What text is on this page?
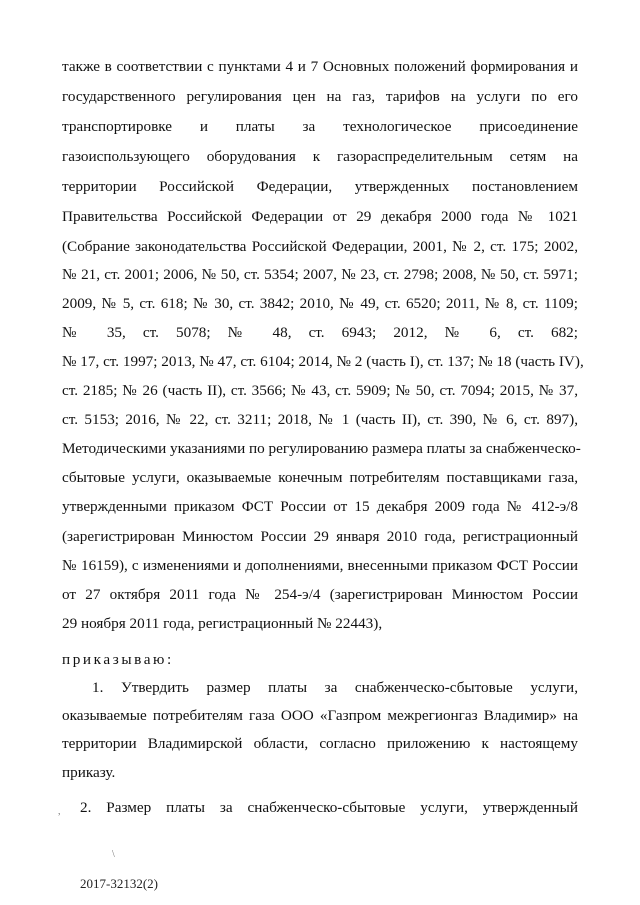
также в соответствии с пунктами 4 и 7 Основных положений формирования и
государственного регулирования цен на газ, тарифов на услуги по его
транспортировке и платы за технологическое присоединение
газоиспользующего оборудования к газораспределительным сетям на
территории Российской Федерации, утвержденных постановлением
Правительства Российской Федерации от 29 декабря 2000 года № 1021
(Собрание законодательства Российской Федерации, 2001, № 2, ст. 175; 2002,
№ 21, ст. 2001; 2006, № 50, ст. 5354; 2007, № 23, ст. 2798; 2008, № 50, ст. 5971;
2009, № 5, ст. 618; № 30, ст. 3842; 2010, № 49, ст. 6520; 2011, № 8, ст. 1109;
№ 35, ст. 5078; № 48, ст. 6943; 2012, № 6, ст. 682;
№ 17, ст. 1997; 2013, № 47, ст. 6104; 2014, № 2 (часть I), ст. 137; № 18 (часть IV),
ст. 2185; № 26 (часть II), ст. 3566; № 43, ст. 5909; № 50, ст. 7094; 2015, № 37,
ст. 5153; 2016, № 22, ст. 3211; 2018, № 1 (часть II), ст. 390, № 6, ст. 897),
Методическими указаниями по регулированию размера платы за снабженческо-
сбытовые услуги, оказываемые конечным потребителям поставщиками газа,
утвержденными приказом ФСТ России от 15 декабря 2009 года № 412-э/8
(зарегистрирован Минюстом России 29 января 2010 года, регистрационный
№ 16159), с изменениями и дополнениями, внесенными приказом ФСТ России
от 27 октября 2011 года № 254-э/4 (зарегистрирован Минюстом России
29 ноября 2011 года, регистрационный № 22443),
приказываю:
1. Утвердить размер платы за снабженческо-сбытовые услуги,
оказываемые потребителям газа ООО «Газпром межрегионгаз Владимир» на
территории Владимирской области, согласно приложению к настоящему
приказу.
2. Размер платы за снабженческо-сбытовые услуги, утвержденный
,
\
2017-32132(2)
